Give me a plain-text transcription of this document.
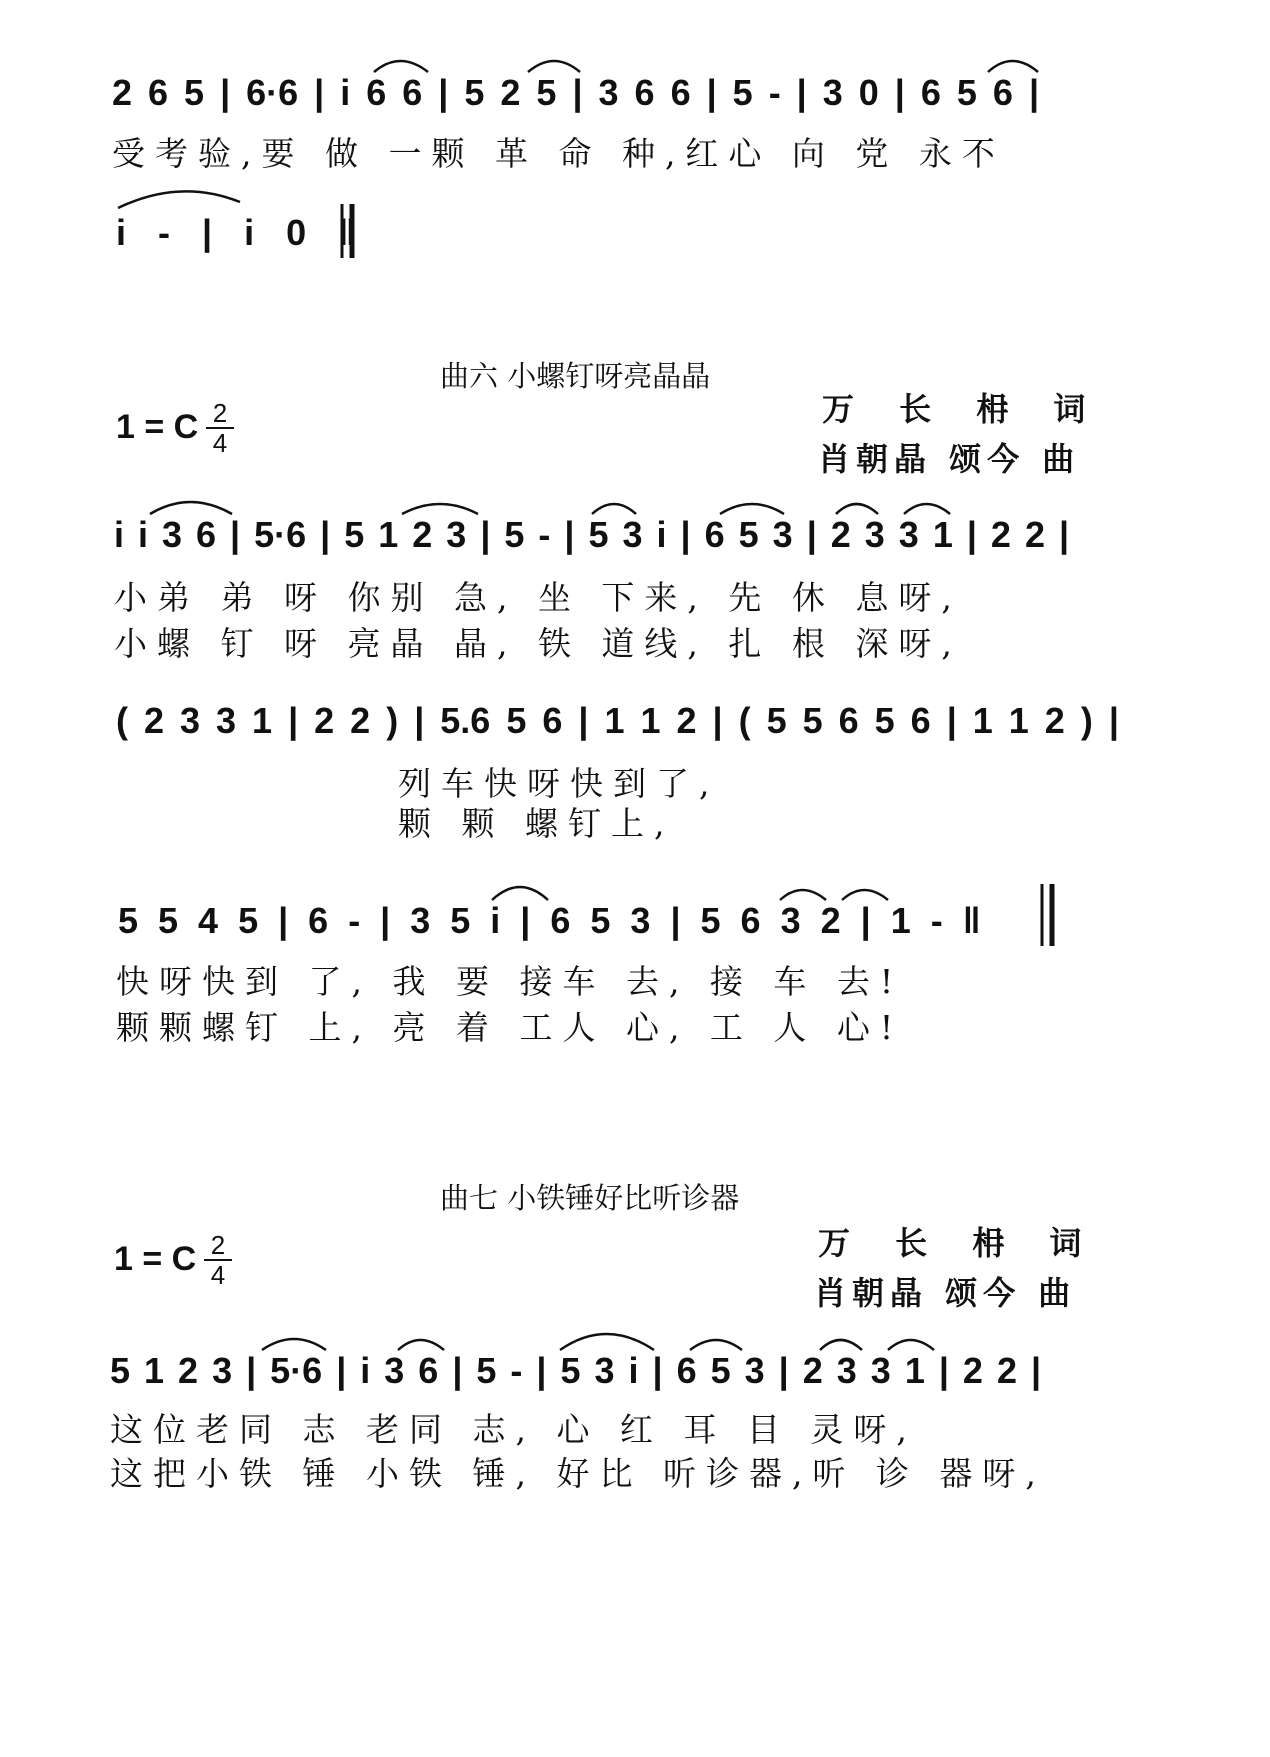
2 6 5 | 6·6 | i 6 6 | 5 2 5 | 3 6 6 | 5 - | 3 0 | 6 5 6 |
受考验,要 做 一颗 革 命 种,红心 向 党 永不
i - | i 0 ‖
曲六 小螺钉呀亮晶晶
1 = C 2
4
万 长 枏 词
肖朝晶 颂今 曲
i i 3 6 | 5·6 | 5 1 2 3 | 5 - | 5 3 i | 6 5 3 | 2 3 3 1 | 2 2 |
小弟 弟 呀 你别 急, 坐 下来, 先 休 息呀,
小螺 钉 呀 亮晶 晶, 铁 道线, 扎 根 深呀,
( 2 3 3 1 | 2 2 ) | 5.6 5 6 | 1 1 2 | ( 5 5 6 5 6 | 1 1 2 ) |
列车快呀快到了,
颗 颗 螺钉上,
5 5 4 5 | 6 - | 3 5 i | 6 5 3 | 5 6 3 2 | 1 - ‖
快呀快到 了, 我 要 接车 去, 接 车 去!
颗颗螺钉 上, 亮 着 工人 心, 工 人 心!
曲七 小铁锤好比听诊器
1 = C 2
4
万 长 枏 词
肖朝晶 颂今 曲
5 1 2 3 | 5·6 | i 3 6 | 5 - | 5 3 i | 6 5 3 | 2 3 3 1 | 2 2 |
这位老同 志 老同 志, 心 红 耳 目 灵呀,
这把小铁 锤 小铁 锤, 好比 听诊器,听 诊 器呀,
